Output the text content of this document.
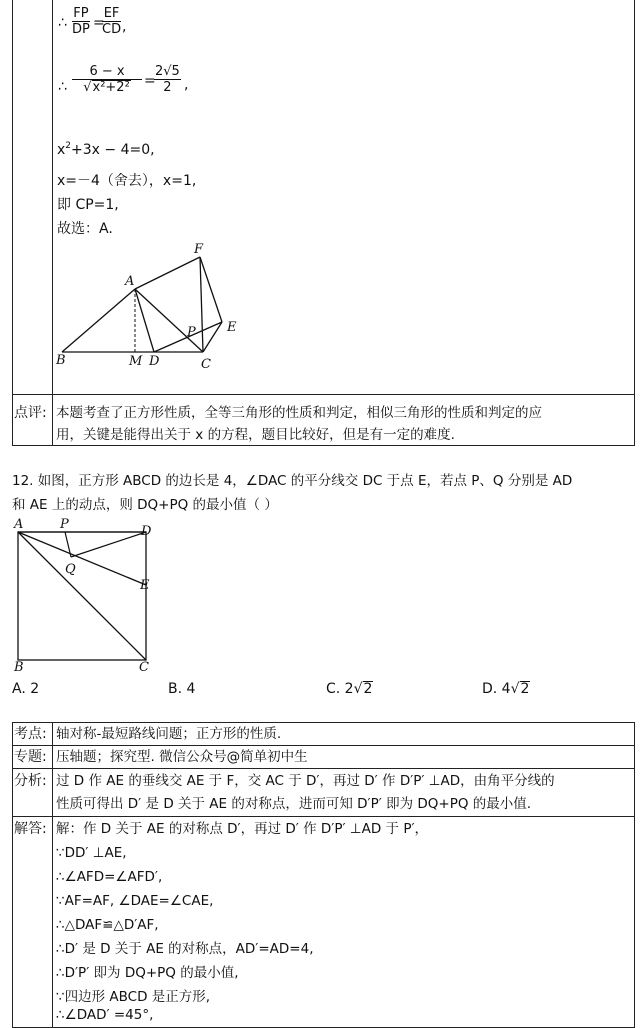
∴ $\frac{FP}{DP}$ =
$\frac{EF}{CD}$ ,
∴ $\frac{6 - x}{\text{√x²+2²}}$ =
$\frac{2√5}{2}$ ,
$x^2+3x - 4=0$,
x=－4（舍去），x=1,
即 CP=1,
故选：A.
A
F
E
P
B	M D	C
点评: 本题考查了正方形性质，全等三角形的性质和判定，相似三角形的性质和判定的应
用，关键是能得出关于 x 的方程，题目比较好，但是有一定的难度.
12. 如图，正方形 ABCD 的边长是 4，∠DAC 的平分线交 DC 于点 E，若点 P、Q 分别是 AD
和 AE 上的动点，则 DQ+PQ 的最小值（ ）
A	P	D
Q
E
B	C
A. 2	B. 4	C. 2√2	D. 4√2
考点: 轴对称-最短路线问题；正方形的性质.
专题: 压轴题；探究型. 微信公众号@简单初中生
分析: 过 D 作 AE 的垂线交 AE 于 F，交 AC 于 D′，再过 D′ 作 D′P′ ⊥AD，由角平分线的
性质可得出 D′ 是 D 关于 AE 的对称点，进而可知 D′P′ 即为 DQ+PQ 的最小值.
解答: 解：作 D 关于 AE 的对称点 D′，再过 D′ 作 D′P′ ⊥AD 于 P′，
∵DD′ ⊥AE,
∴∠AFD=∠AFD′,
∵AF=AF, ∠DAE=∠CAE,
∴△DAF≌△D′AF,
∴D′ 是 D 关于 AE 的对称点，AD′=AD=4,
∴D′P′ 即为 DQ+PQ 的最小值,
∵四边形 ABCD 是正方形,
∴∠DAD′ =45°,
